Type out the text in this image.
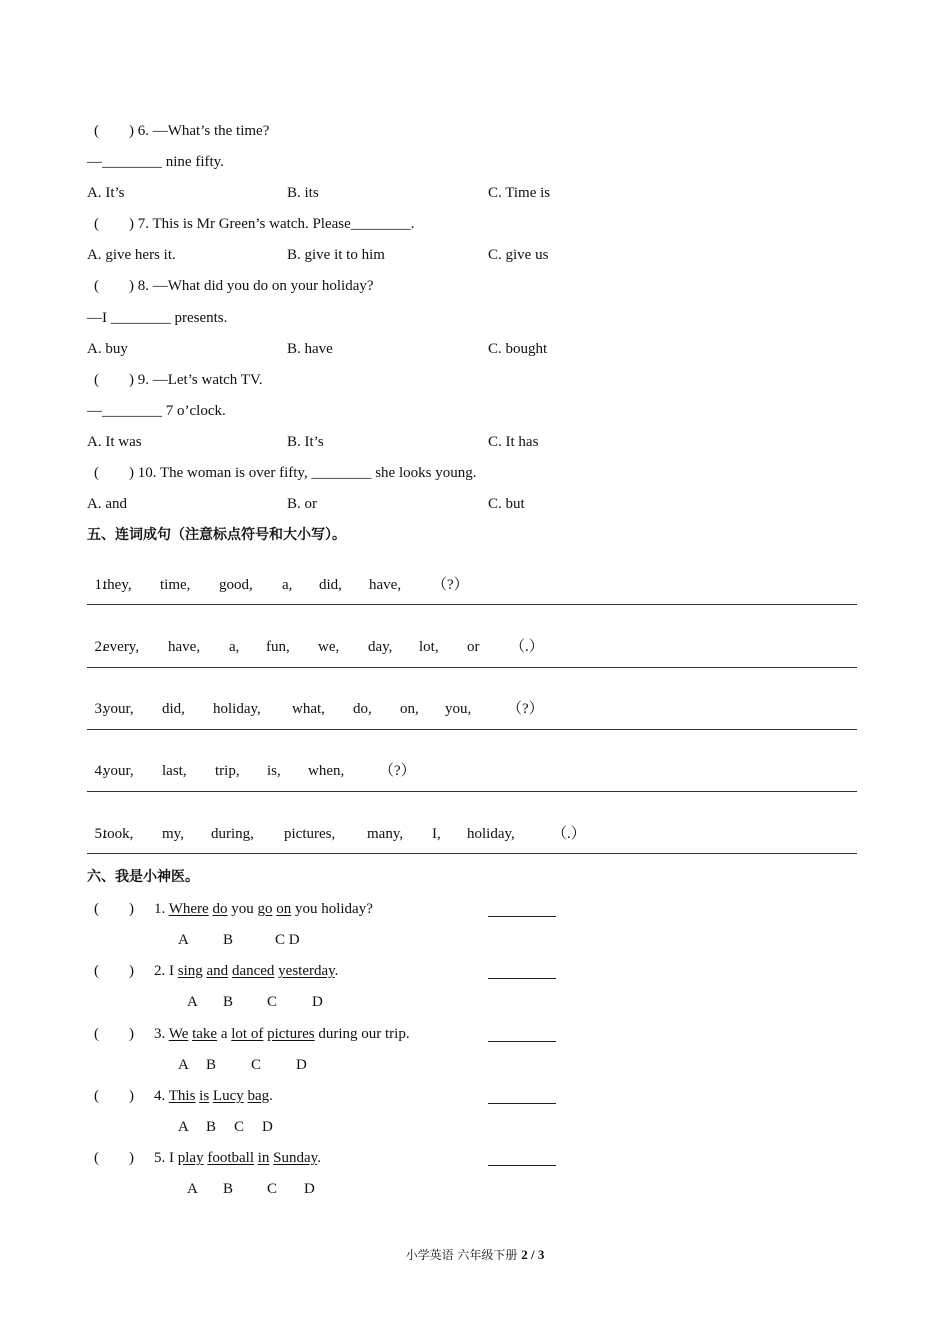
(        ) 6. —What’s the time?
—________ nine fifty.
A. It’s	B. its	C. Time is
(        ) 7. This is Mr Green’s watch. Please________.
A. give hers it.	B. give it to him	C. give us
(        ) 8. —What did you do on your holiday?
—I ________ presents.
A. buy	B. have	C. bought
(        ) 9. —Let’s watch TV.
—________ 7 o’clock.
A. It was	B. It’s	C. It has
(        ) 10. The woman is over fifty, ________ she looks young.
A. and	B. or	C. but
五、连词成句（注意标点符号和大小写）。

1.
they, time, good, a, did, have, （?）

2.
every, have, a, fun, we, day, lot, or （.）

3.
your, did, holiday, what, do, on, you, （?）

4.
your, last, trip, is, when, （?）

5.
took, my, during, pictures, many, I, holiday, （.）

六、我是小神医。
(        ) 1. Where do you go on you holiday?
A B	C D
(        ) 2. I sing and danced yesterday.
A B C D
(        ) 3. We take a lot of pictures during our trip.
A B C D
(        ) 4. This is Lucy bag.
A B C D
(        ) 5. I play football in Sunday.
A B C D
小学英语 六年级下册 2 / 3
